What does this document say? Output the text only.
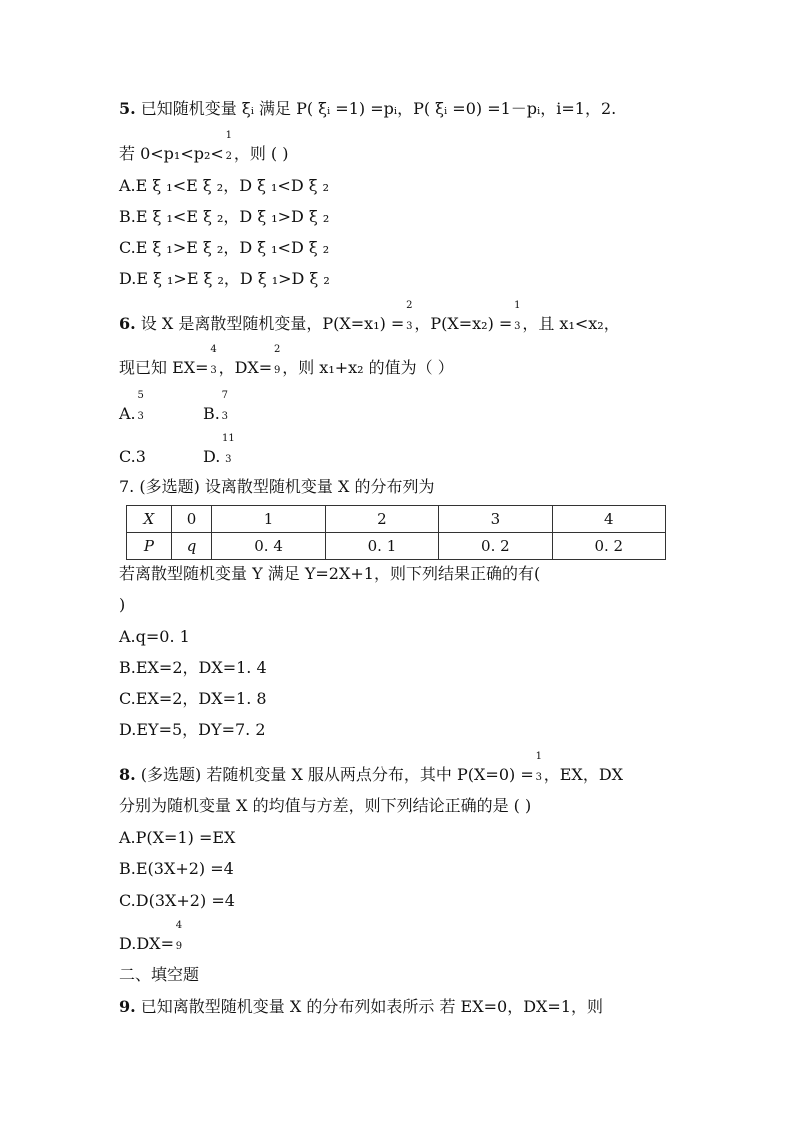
5. 已知随机变量 ξᵢ 满足 P( ξᵢ =1) =pᵢ，P( ξᵢ =0) =1－pᵢ，i=1，2.
若 0<p₁<p₂<
1
2 ，则 ( )
A.E ξ ₁<E ξ ₂，D ξ ₁<D ξ ₂
B.E ξ ₁<E ξ ₂，D ξ ₁>D ξ ₂
C.E ξ ₁>E ξ ₂，D ξ ₁<D ξ ₂
D.E ξ ₁>E ξ ₂，D ξ ₁>D ξ ₂
6. 设 X 是离散型随机变量，P(X=x₁) =
2
3 ，P(X=x₂) =
1
3 ，且 x₁<x₂，
现已知 EX=
4
3 ，DX=
2
9 ，则 x₁+x₂ 的值为（ ）
A.
5
3	B.
7
3
C.3	D.
11
3
7. (多选题) 设离散型随机变量 X 的分布列为
X	0	1	2	3	4
P	q	0. 4	0. 1	0. 2	0. 2
若离散型随机变量 Y 满足 Y=2X+1，则下列结果正确的有(
)
A.q=0. 1
B.EX=2，DX=1. 4
C.EX=2，DX=1. 8
D.EY=5，DY=7. 2
8. (多选题) 若随机变量 X 服从两点分布，其中 P(X=0) =
1
3 ，EX，DX
分别为随机变量 X 的均值与方差，则下列结论正确的是 ( )
A.P(X=1) =EX
B.E(3X+2) =4
C.D(3X+2) =4
D.DX=
4
9
二、填空题
9. 已知离散型随机变量 X 的分布列如表所示 若 EX=0，DX=1，则
